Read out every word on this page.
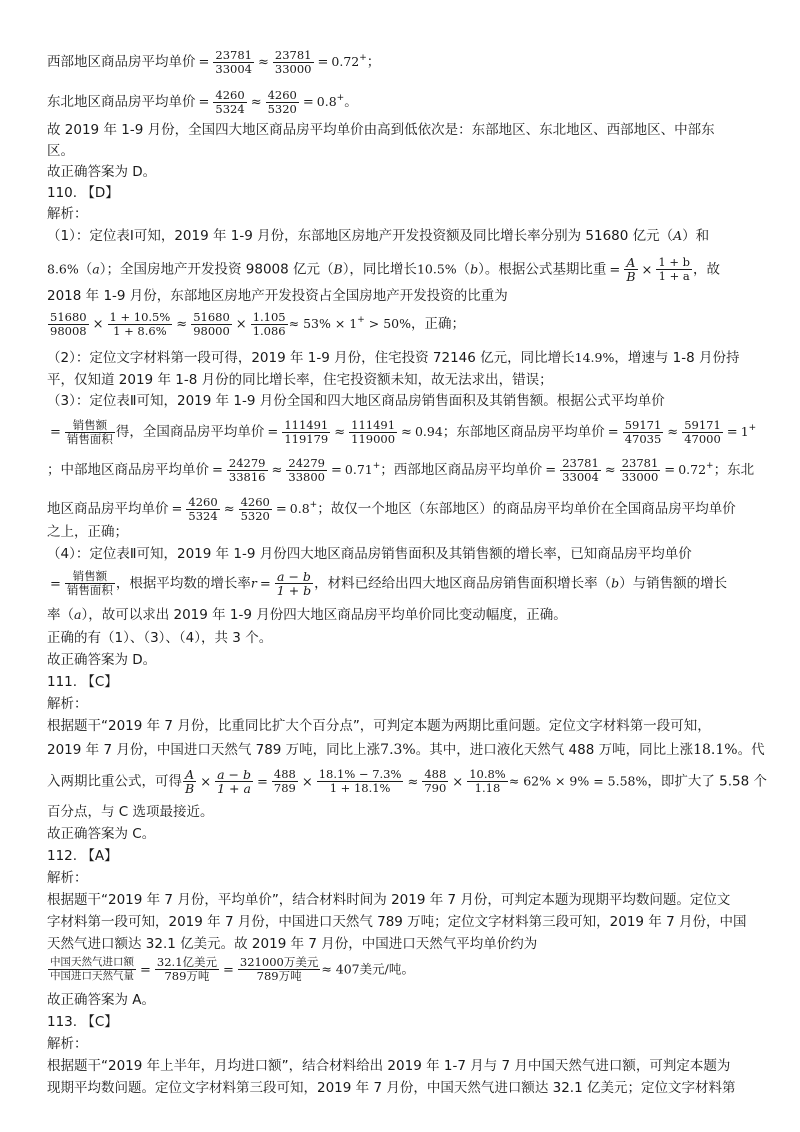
西部地区商品房平均单价 = $\frac{23781}{33004} \approx \frac{23781}{33000} = 0.72^+$；
东北地区商品房平均单价 = $\frac{4260}{5324} \approx \frac{4260}{5320} = 0.8^+$。
故 2019 年 1-9 月份，全国四大地区商品房平均单价由高到低依次是：东部地区、东北地区、西部地区、中部东
区。
故正确答案为 D。
110. 【D】
解析：
（1）：定位表Ⅰ可知，2019 年 1-9 月份，东部地区房地产开发投资额及同比增长率分别为 51680 亿元（A）和
8.6%（a）；全国房地产开发投资 98008 亿元（B），同比增长10.5%（b）。根据公式基期比重 = $\frac{A}{B} \times \frac{1 + b}{1 + a}$ ，故
2018 年 1-9 月份，东部地区房地产开发投资占全国房地产开发投资的比重为
$\frac{51680}{98008} \times \frac{1 + 10.5\%}{1 + 8.6\%} \approx \frac{51680}{98000} \times \frac{1.105}{1.086} \approx 53\% \times 1^+ > 50\%$，正确；
（2）：定位文字材料第一段可得，2019 年 1-9 月份，住宅投资 72146 亿元，同比增长14.9%，增速与 1-8 月份持
平，仅知道 2019 年 1-8 月份的同比增长率，住宅投资额未知，故无法求出，错误；
（3）：定位表Ⅱ可知，2019 年 1-9 月份全国和四大地区商品房销售面积及其销售额。根据公式平均单价
= $\frac{\text{销售额}}{\text{销售面积}}$ 得，全国商品房平均单价 = $\frac{111491}{119179} \approx \frac{111491}{119000} \approx 0.94$；东部地区商品房平均单价 = $\frac{59171}{47035} \approx \frac{59171}{47000} = 1^+$
；中部地区商品房平均单价 = $\frac{24279}{33816} \approx \frac{24279}{33800} = 0.71^+$；西部地区商品房平均单价 = $\frac{23781}{33004} \approx \frac{23781}{33000} = 0.72^+$；东北
地区商品房平均单价 = $\frac{4260}{5324} \approx \frac{4260}{5320} = 0.8^+$；故仅一个地区（东部地区）的商品房平均单价在全国商品房平均单价
之上，正确；
（4）：定位表Ⅱ可知，2019 年 1-9 月份四大地区商品房销售面积及其销售额的增长率，已知商品房平均单价
= $\frac{\text{销售额}}{\text{销售面积}}$ ，根据平均数的增长率$r = \frac{a - b}{1 + b}$ ，材料已经给出四大地区商品房销售面积增长率（b）与销售额的增长
率（a），故可以求出 2019 年 1-9 月份四大地区商品房平均单价同比变动幅度，正确。
正确的有（1）、（3）、（4），共 3 个。
故正确答案为 D。
111. 【C】
解析：
根据题干“2019 年 7 月份，比重同比扩大个百分点”，可判定本题为两期比重问题。定位文字材料第一段可知，
2019 年 7 月份，中国进口天然气 789 万吨，同比上涨7.3%。其中，进口液化天然气 488 万吨，同比上涨18.1%。代
入两期比重公式，可得 $\frac{A}{B} \times \frac{a - b}{1 + a} = \frac{488}{789} \times \frac{18.1\% - 7.3\%}{1 + 18.1\%} \approx \frac{488}{790} \times \frac{10.8\%}{1.18} \approx 62\% \times 9\% = 5.58\%$，即扩大了 5.58 个
百分点，与 C 选项最接近。
故正确答案为 C。
112. 【A】
解析：
根据题干“2019 年 7 月份，平均单价”，结合材料时间为 2019 年 7 月份，可判定本题为现期平均数问题。定位文
字材料第一段可知，2019 年 7 月份，中国进口天然气 789 万吨；定位文字材料第三段可知，2019 年 7 月份，中国
天然气进口额达 32.1 亿美元。故 2019 年 7 月份，中国进口天然气平均单价约为
$\frac{\text{中国天然气进口额}}{\text{中国进口天然气量}} = \frac{\text{32.1亿美元}}{\text{789万吨}} = \frac{\text{321000万美元}}{\text{789万吨}} \approx 407$美元/吨。
故正确答案为 A。
113. 【C】
解析：
根据题干“2019 年上半年，月均进口额”，结合材料给出 2019 年 1-7 月与 7 月中国天然气进口额，可判定本题为
现期平均数问题。定位文字材料第三段可知，2019 年 7 月份，中国天然气进口额达 32.1 亿美元；定位文字材料第
